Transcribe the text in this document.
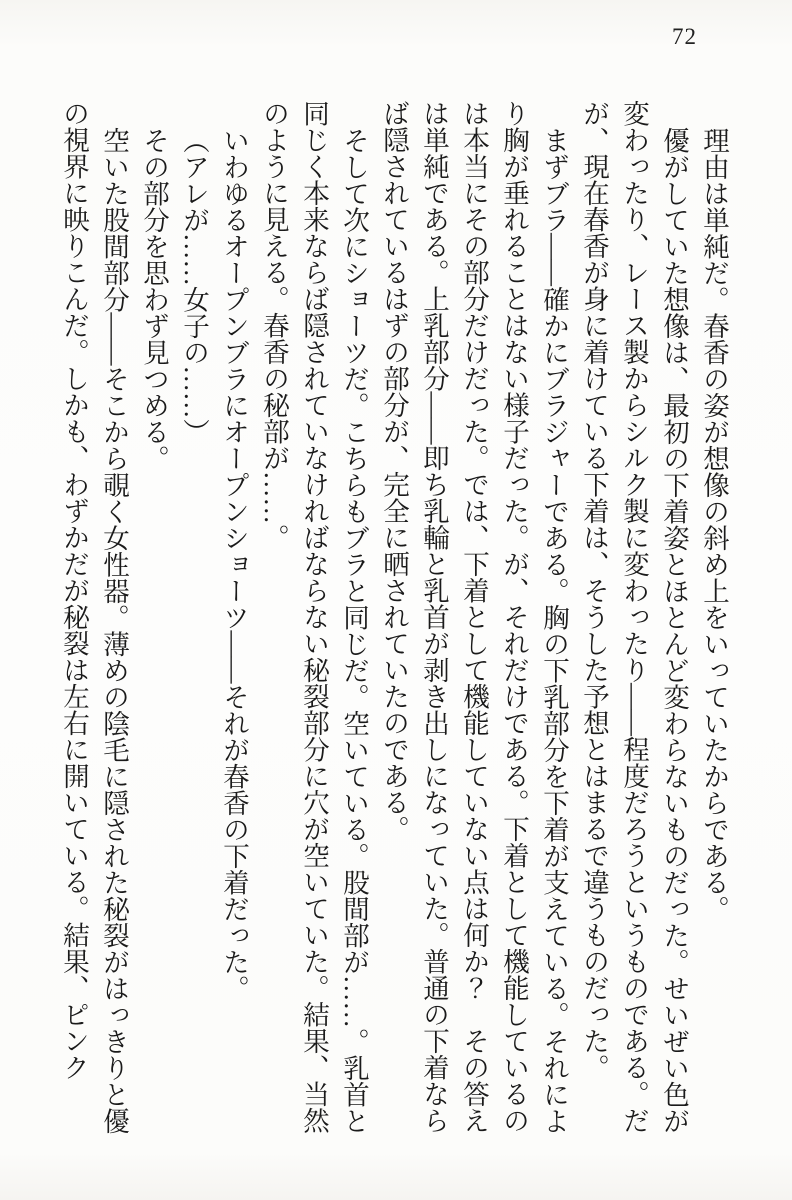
72

理由は単純だ。春香の姿が想像の斜め上をいっていたからである。

優がしていた想像は、最初の下着姿とほとんど変わらないものだった。せいぜい色が変わったり、レース製からシルク製に変わったり――程度だろうというものである。だが、現在春香が身に着けている下着は、そうした予想とはまるで違うものだった。

まずブラ――確かにブラジャーである。胸の下乳部分を下着が支えている。それにより胸が垂れることはない様子だった。が、それだけである。下着として機能しているのは本当にその部分だけだった。では、下着として機能していない点は何か？　その答えは単純である。上乳部分――即ち乳輪と乳首が剥き出しになっていた。普通の下着ならば隠されているはずの部分が、完全に晒されていたのである。

そして次にショーツだ。こちらもブラと同じだ。空いている。股間部が……。乳首と同じく本来ならば隠されていなければならない秘裂部分に穴が空いていた。結果、当然のように見える。春香の秘部が……。

いわゆるオープンブラにオープンショーツ――それが春香の下着だった。

（アレが……女子の……）

その部分を思わず見つめる。

空いた股間部分――そこから覗く女性器。薄めの陰毛に隠された秘裂がはっきりと優の視界に映りこんだ。しかも、わずかだが秘裂は左右に開いている。結果、ピンク
